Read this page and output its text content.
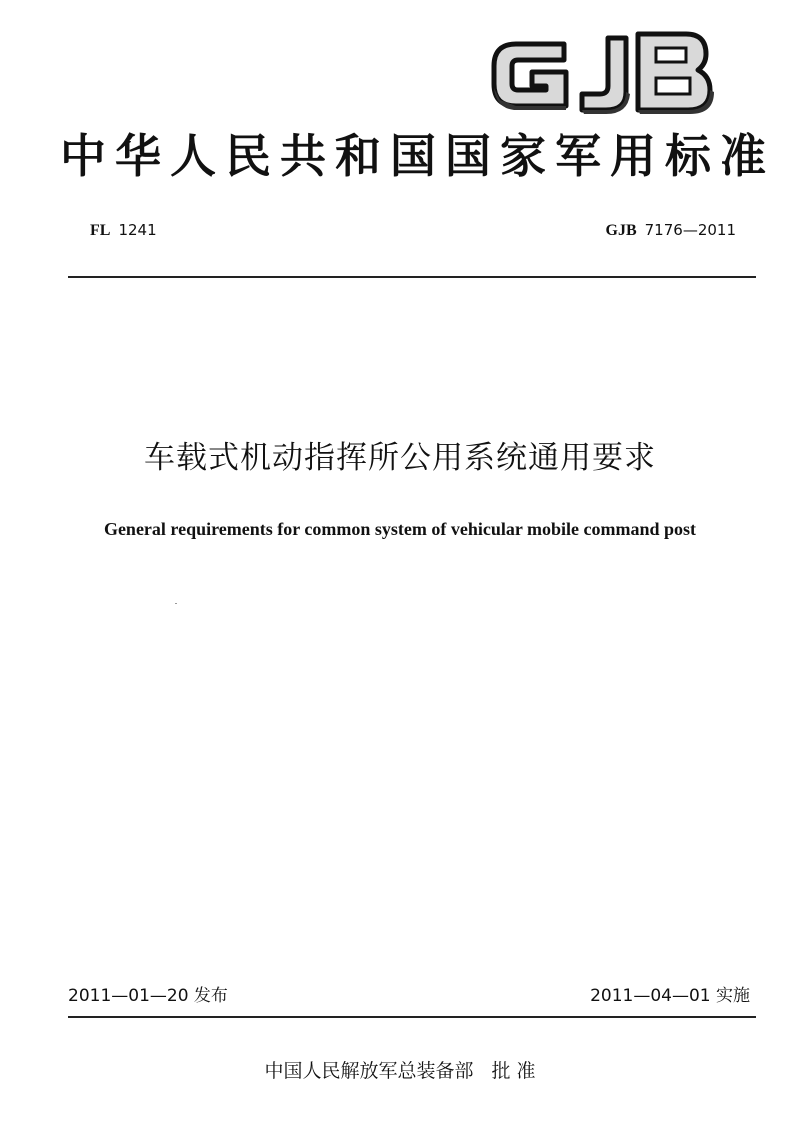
GJB
中华人民共和国国家军用标准
FL 1241	GJB 7176—2011
车载式机动指挥所公用系统通用要求
General requirements for common system of vehicular mobile command post
2011—01—20 发布	2011—04—01 实施
中国人民解放军总装备部 批 准
